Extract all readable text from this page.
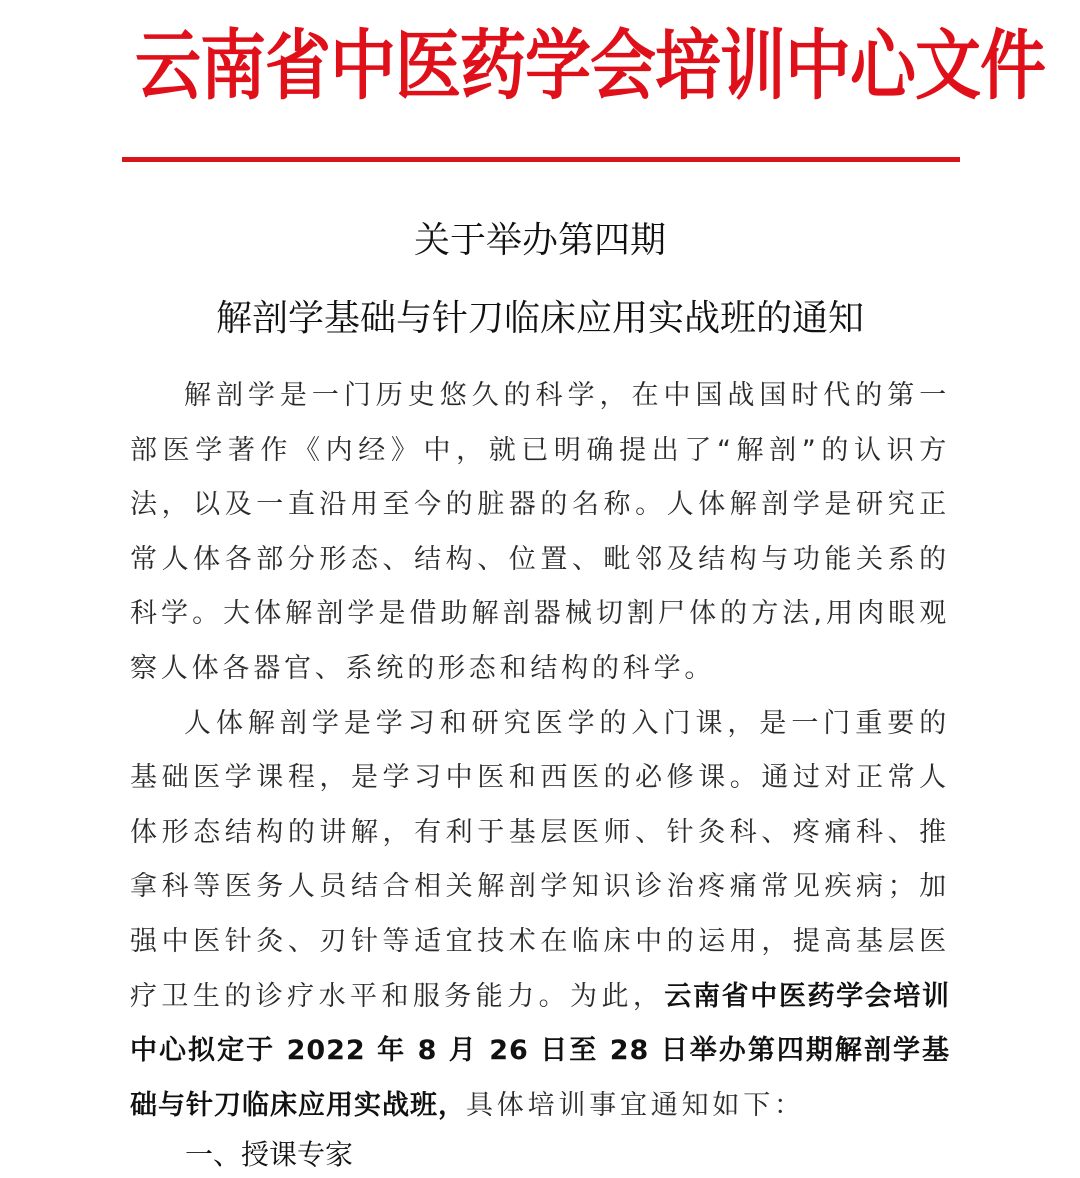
云南省中医药学会培训中心文件
关于举办第四期
解剖学基础与针刀临床应用实战班的通知

解剖学是一门历史悠久的科学，在中国战国时代的第一部医学著作《内经》中，就已明确提出了“解剖”的认识方法，以及一直沿用至今的脏器的名称。人体解剖学是研究正常人体各部分形态、结构、位置、毗邻及结构与功能关系的科学。大体解剖学是借助解剖器械切割尸体的方法,用肉眼观察人体各器官、系统的形态和结构的科学。

人体解剖学是学习和研究医学的入门课，是一门重要的基础医学课程，是学习中医和西医的必修课。通过对正常人体形态结构的讲解，有利于基层医师、针灸科、疼痛科、推拿科等医务人员结合相关解剖学知识诊治疼痛常见疾病；加强中医针灸、刃针等适宜技术在临床中的运用，提高基层医疗卫生的诊疗水平和服务能力。为此，云南省中医药学会培训中心拟定于 2022 年 8 月 26 日至 28 日举办第四期解剖学基础与针刀临床应用实战班，具体培训事宜通知如下：

一、授课专家
